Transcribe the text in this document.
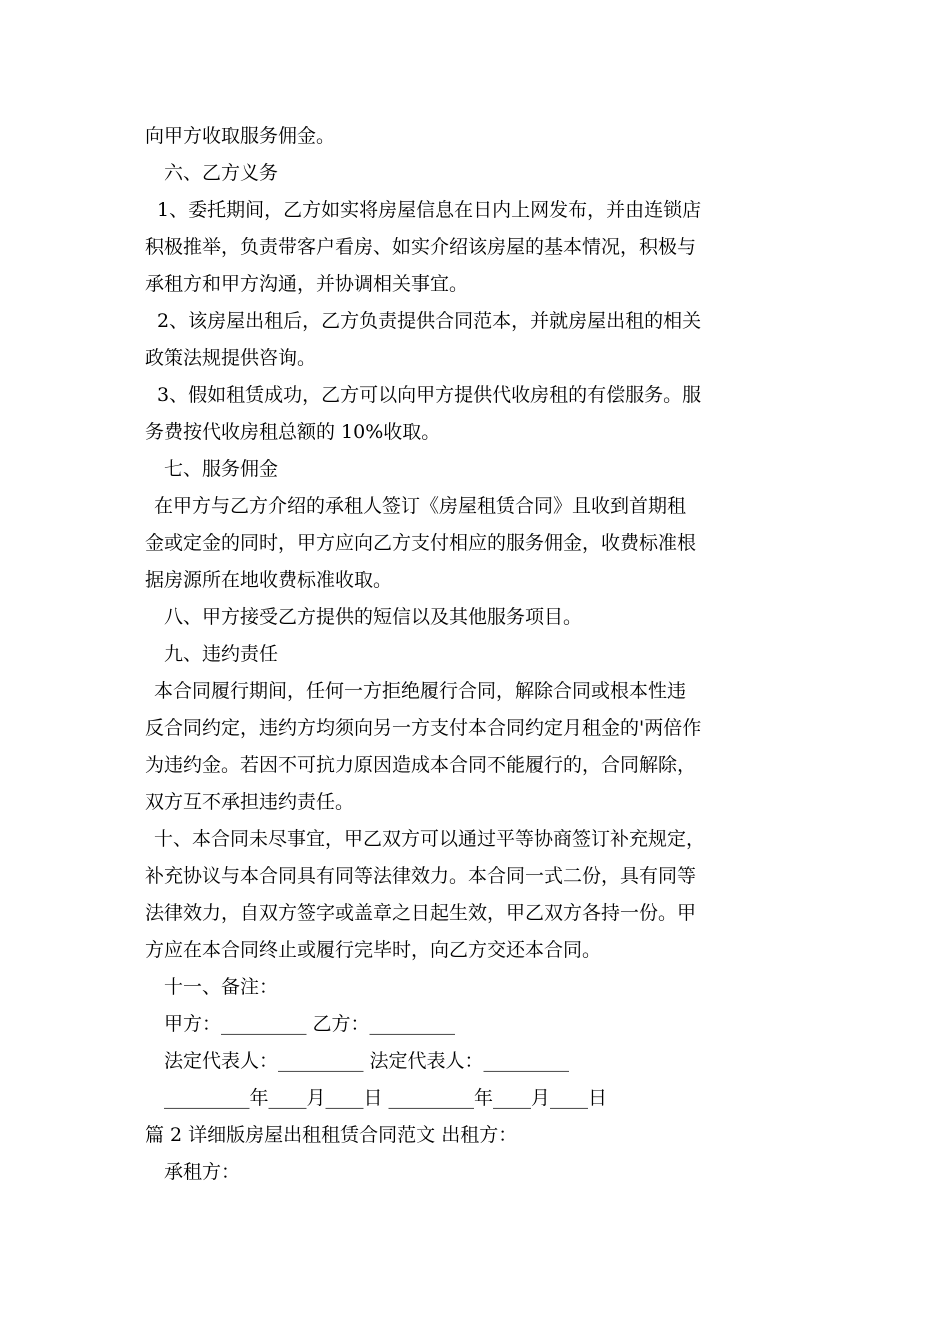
向甲方收取服务佣金。

六、乙方义务

1、委托期间，乙方如实将房屋信息在日内上网发布，并由连锁店

积极推举，负责带客户看房、如实介绍该房屋的基本情况，积极与

承租方和甲方沟通，并协调相关事宜。

2、该房屋出租后，乙方负责提供合同范本，并就房屋出租的相关

政策法规提供咨询。

3、假如租赁成功，乙方可以向甲方提供代收房租的有偿服务。服

务费按代收房租总额的 10%收取。

七、服务佣金

在甲方与乙方介绍的承租人签订《房屋租赁合同》且收到首期租

金或定金的同时，甲方应向乙方支付相应的服务佣金，收费标准根

据房源所在地收费标准收取。

八、甲方接受乙方提供的短信以及其他服务项目。

九、违约责任

本合同履行期间，任何一方拒绝履行合同，解除合同或根本性违

反合同约定，违约方均须向另一方支付本合同约定月租金的'两倍作

为违约金。若因不可抗力原因造成本合同不能履行的，合同解除，

双方互不承担违约责任。

十、本合同未尽事宜，甲乙双方可以通过平等协商签订补充规定，

补充协议与本合同具有同等法律效力。本合同一式二份，具有同等

法律效力，自双方签字或盖章之日起生效，甲乙双方各持一份。甲

方应在本合同终止或履行完毕时，向乙方交还本合同。

十一、备注：

甲方：_________ 乙方：_________

法定代表人：_________ 法定代表人：_________

_________年____月____日 _________年____月____日

篇 2 详细版房屋出租租赁合同范文 出租方：

承租方：
